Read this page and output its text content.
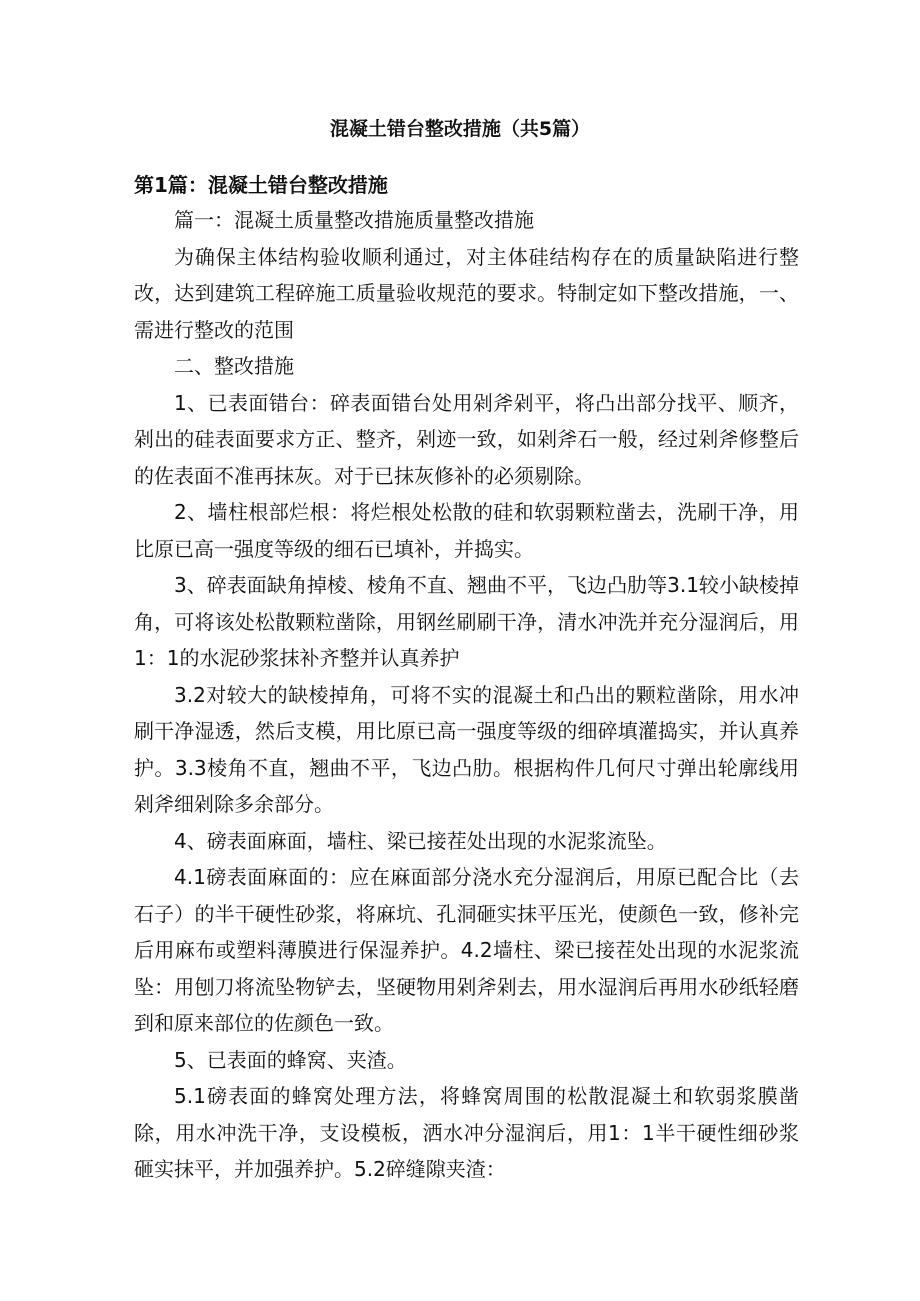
混凝土错台整改措施（共5篇）
第1篇：混凝土错台整改措施

篇一：混凝土质量整改措施质量整改措施

为确保主体结构验收顺利通过，对主体硅结构存在的质量缺陷进行整改，达到建筑工程碎施工质量验收规范的要求。特制定如下整改措施，一、需进行整改的范围

二、整改措施

1、已表面错台：碎表面错台处用剁斧剁平，将凸出部分找平、顺齐，剁出的硅表面要求方正、整齐，剁迹一致，如剁斧石一般，经过剁斧修整后的佐表面不准再抹灰。对于已抹灰修补的必须剔除。

2、墙柱根部烂根：将烂根处松散的硅和软弱颗粒凿去，洗刷干净，用比原已高一强度等级的细石已填补，并捣实。

3、碎表面缺角掉棱、棱角不直、翘曲不平，飞边凸肋等3.1较小缺棱掉角，可将该处松散颗粒凿除，用钢丝刷刷干净，清水冲洗并充分湿润后，用1：1的水泥砂浆抹补齐整并认真养护

3.2对较大的缺棱掉角，可将不实的混凝土和凸出的颗粒凿除，用水冲刷干净湿透，然后支模，用比原已高一强度等级的细碎填灌捣实，并认真养护。3.3棱角不直，翘曲不平，飞边凸肋。根据构件几何尺寸弹出轮廓线用剁斧细剁除多余部分。

4、磅表面麻面，墙柱、梁已接茬处出现的水泥浆流坠。

4.1磅表面麻面的：应在麻面部分浇水充分湿润后，用原已配合比（去石子）的半干硬性砂浆，将麻坑、孔洞砸实抹平压光，使颜色一致，修补完后用麻布或塑料薄膜进行保湿养护。4.2墙柱、梁已接茬处出现的水泥浆流坠：用刨刀将流坠物铲去，坚硬物用剁斧剁去，用水湿润后再用水砂纸轻磨到和原来部位的佐颜色一致。

5、已表面的蜂窝、夹渣。

5.1磅表面的蜂窝处理方法，将蜂窝周围的松散混凝土和软弱浆膜凿除，用水冲洗干净，支设模板，洒水冲分湿润后，用1：1半干硬性细砂浆砸实抹平，并加强养护。5.2碎缝隙夹渣：
